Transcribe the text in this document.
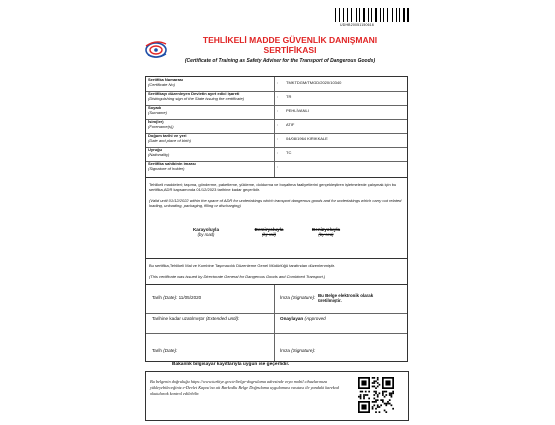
UDHB20051150616
TEHLİKELİ MADDE GÜVENLİK DANIŞMANI
SERTİFİKASI
(Certificate of Training as Safety Adviser for the Transport of Dangerous Goods)
Sertifika Numarası
(Certificate No)	: TMKTDGM/TMGD/2020/10340
Sertifikayı düzenleyen Devletin ayırt edici işareti
(Distinguishing sign of the State issuing the certificate)	: TR
Soyadı
(Surname)	: PEHLİVANLI
İsim(ler)
(Forename(s))	: ATIF
Doğum tarihi ve yeri
(Date and place of birth)	: 04/08/1964 KIRIKKALE
Uyruğu
(Nationality)	: TC
Sertifika sahibinin imzası
(Signature of holder)	:
Tehlikeli maddeleri; taşıma, gönderme, paketleme, yükleme, doldurma ve boşaltma faaliyetlerini gerçekleştiren işletmelerde çalışmak için bu sertifika,ADR kapsamında 01/12/2023 tarihine kadar geçerlidir.
(Valid until 01/12/2022 within the space of ADR for undertakings which transport dangerous goods and for undertakings which carry out related loading, unloading, packaging, filling or discharging)
Karayoluyla
(by road)
Demiryoluyla
(by rail)
Denizyoluyla
(by sea)
Bu sertifika,Tehlikeli Mal ve Kombine Taşımacılık Düzenleme Genel Müdürlüğü tarafından düzenlenmiştir.
(This certificate was issued by Directorate General for Dangerous Goods and Combined Transport.)
Tarih (Date): 11/05/2020	İmza (Signature): Bu Belge elektronik olarak üretilmiştir.
Tarihine kadar uzatılmıştır (Extended until):	Onaylayan (Approved
Tarih (Date):	İmza (Signature):
Bakanlık bilgisayar kayıtlarıyla uygun ise geçerlidir.
Bu belgenin doğruluğu https://www.turkiye.gov.tr/belge-dogrulama adresinde veya mobil cihazlarınıza yükleyebileceğiniz e-Devlet Kapısı'na ait Barkodlu Belge Doğrulama uygulaması vasıtası ile yandaki karekod okutularak kontrol edilebilir.
